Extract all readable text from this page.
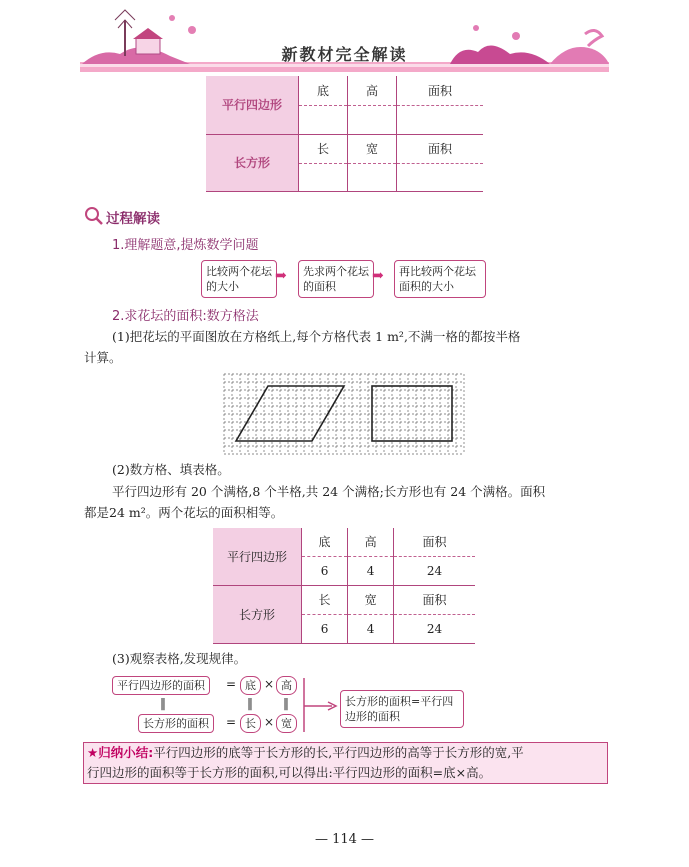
新教材完全解读
平行四边形	底	高	面积

长方形	长	宽	面积

过程解读
1.理解题意,提炼数学问题
比较两个花坛的大小
➡	先求两个花坛的面积
➡	再比较两个花坛面积的大小
2.求花坛的面积:数方格法
(1)把花坛的平面图放在方格纸上,每个方格代表 1 m²,不满一格的都按半格
计算。
(2)数方格、填表格。
平行四边形有 20 个满格,8 个半格,共 24 个满格;长方形也有 24 个满格。面积
都是24 m²。两个花坛的面积相等。
平行四边形	底	高	面积
	6	4	24
长方形	长	宽	面积
	6	4	24
(3)观察表格,发现规律。
平行四边形的面积	= 底 × 高
‖	‖	‖
长方形的面积	= 长 × 宽
长方形的面积=平行四边形的面积
★归纳小结:平行四边形的底等于长方形的长,平行四边形的高等于长方形的宽,平
行四边形的面积等于长方形的面积,可以得出:平行四边形的面积=底×高。
— 114 —
